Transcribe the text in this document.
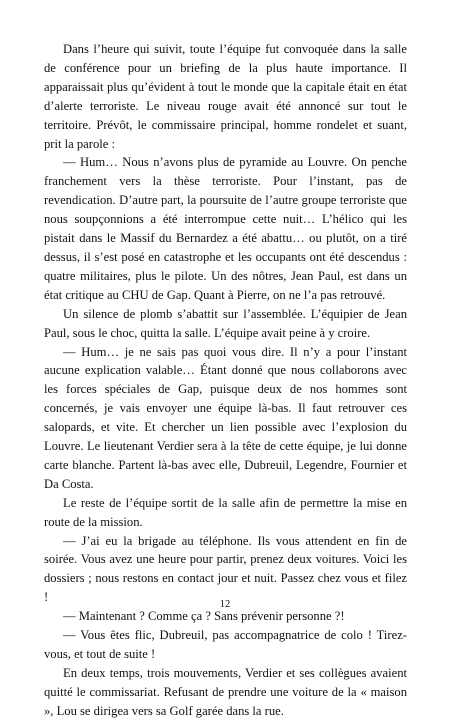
Dans l’heure qui suivit, toute l’équipe fut convoquée dans la salle de conférence pour un briefing de la plus haute importance. Il apparaissait plus qu’évident à tout le monde que la capitale était en état d’alerte terroriste. Le niveau rouge avait été annoncé sur tout le territoire. Prévôt, le commissaire principal, homme rondelet et suant, prit la parole :

— Hum… Nous n’avons plus de pyramide au Louvre. On penche franchement vers la thèse terroriste. Pour l’instant, pas de revendication. D’autre part, la poursuite de l’autre groupe terroriste que nous soupçonnions a été interrompue cette nuit… L’hélico qui les pistait dans le Massif du Bernardez a été abattu… ou plutôt, on a tiré dessus, il s’est posé en catastrophe et les occupants ont été descendus : quatre militaires, plus le pilote. Un des nôtres, Jean Paul, est dans un état critique au CHU de Gap. Quant à Pierre, on ne l’a pas retrouvé.

Un silence de plomb s’abattit sur l’assemblée. L’équipier de Jean Paul, sous le choc, quitta la salle. L’équipe avait peine à y croire.

— Hum… je ne sais pas quoi vous dire. Il n’y a pour l’instant aucune explication valable… Étant donné que nous collaborons avec les forces spéciales de Gap, puisque deux de nos hommes sont concernés, je vais envoyer une équipe là-bas. Il faut retrouver ces salopards, et vite. Et chercher un lien possible avec l’explosion du Louvre. Le lieutenant Verdier sera à la tête de cette équipe, je lui donne carte blanche. Partent là-bas avec elle, Dubreuil, Legendre, Fournier et Da Costa.

Le reste de l’équipe sortit de la salle afin de permettre la mise en route de la mission.

— J’ai eu la brigade au téléphone. Ils vous attendent en fin de soirée. Vous avez une heure pour partir, prenez deux voitures. Voici les dossiers ; nous restons en contact jour et nuit. Passez chez vous et filez !

— Maintenant ? Comme ça ? Sans prévenir personne ?!

— Vous êtes flic, Dubreuil, pas accompagnatrice de colo ! Tirez-vous, et tout de suite !

En deux temps, trois mouvements, Verdier et ses collègues avaient quitté le commissariat. Refusant de prendre une voiture de la « maison », Lou se dirigea vers sa Golf garée dans la rue.

12
